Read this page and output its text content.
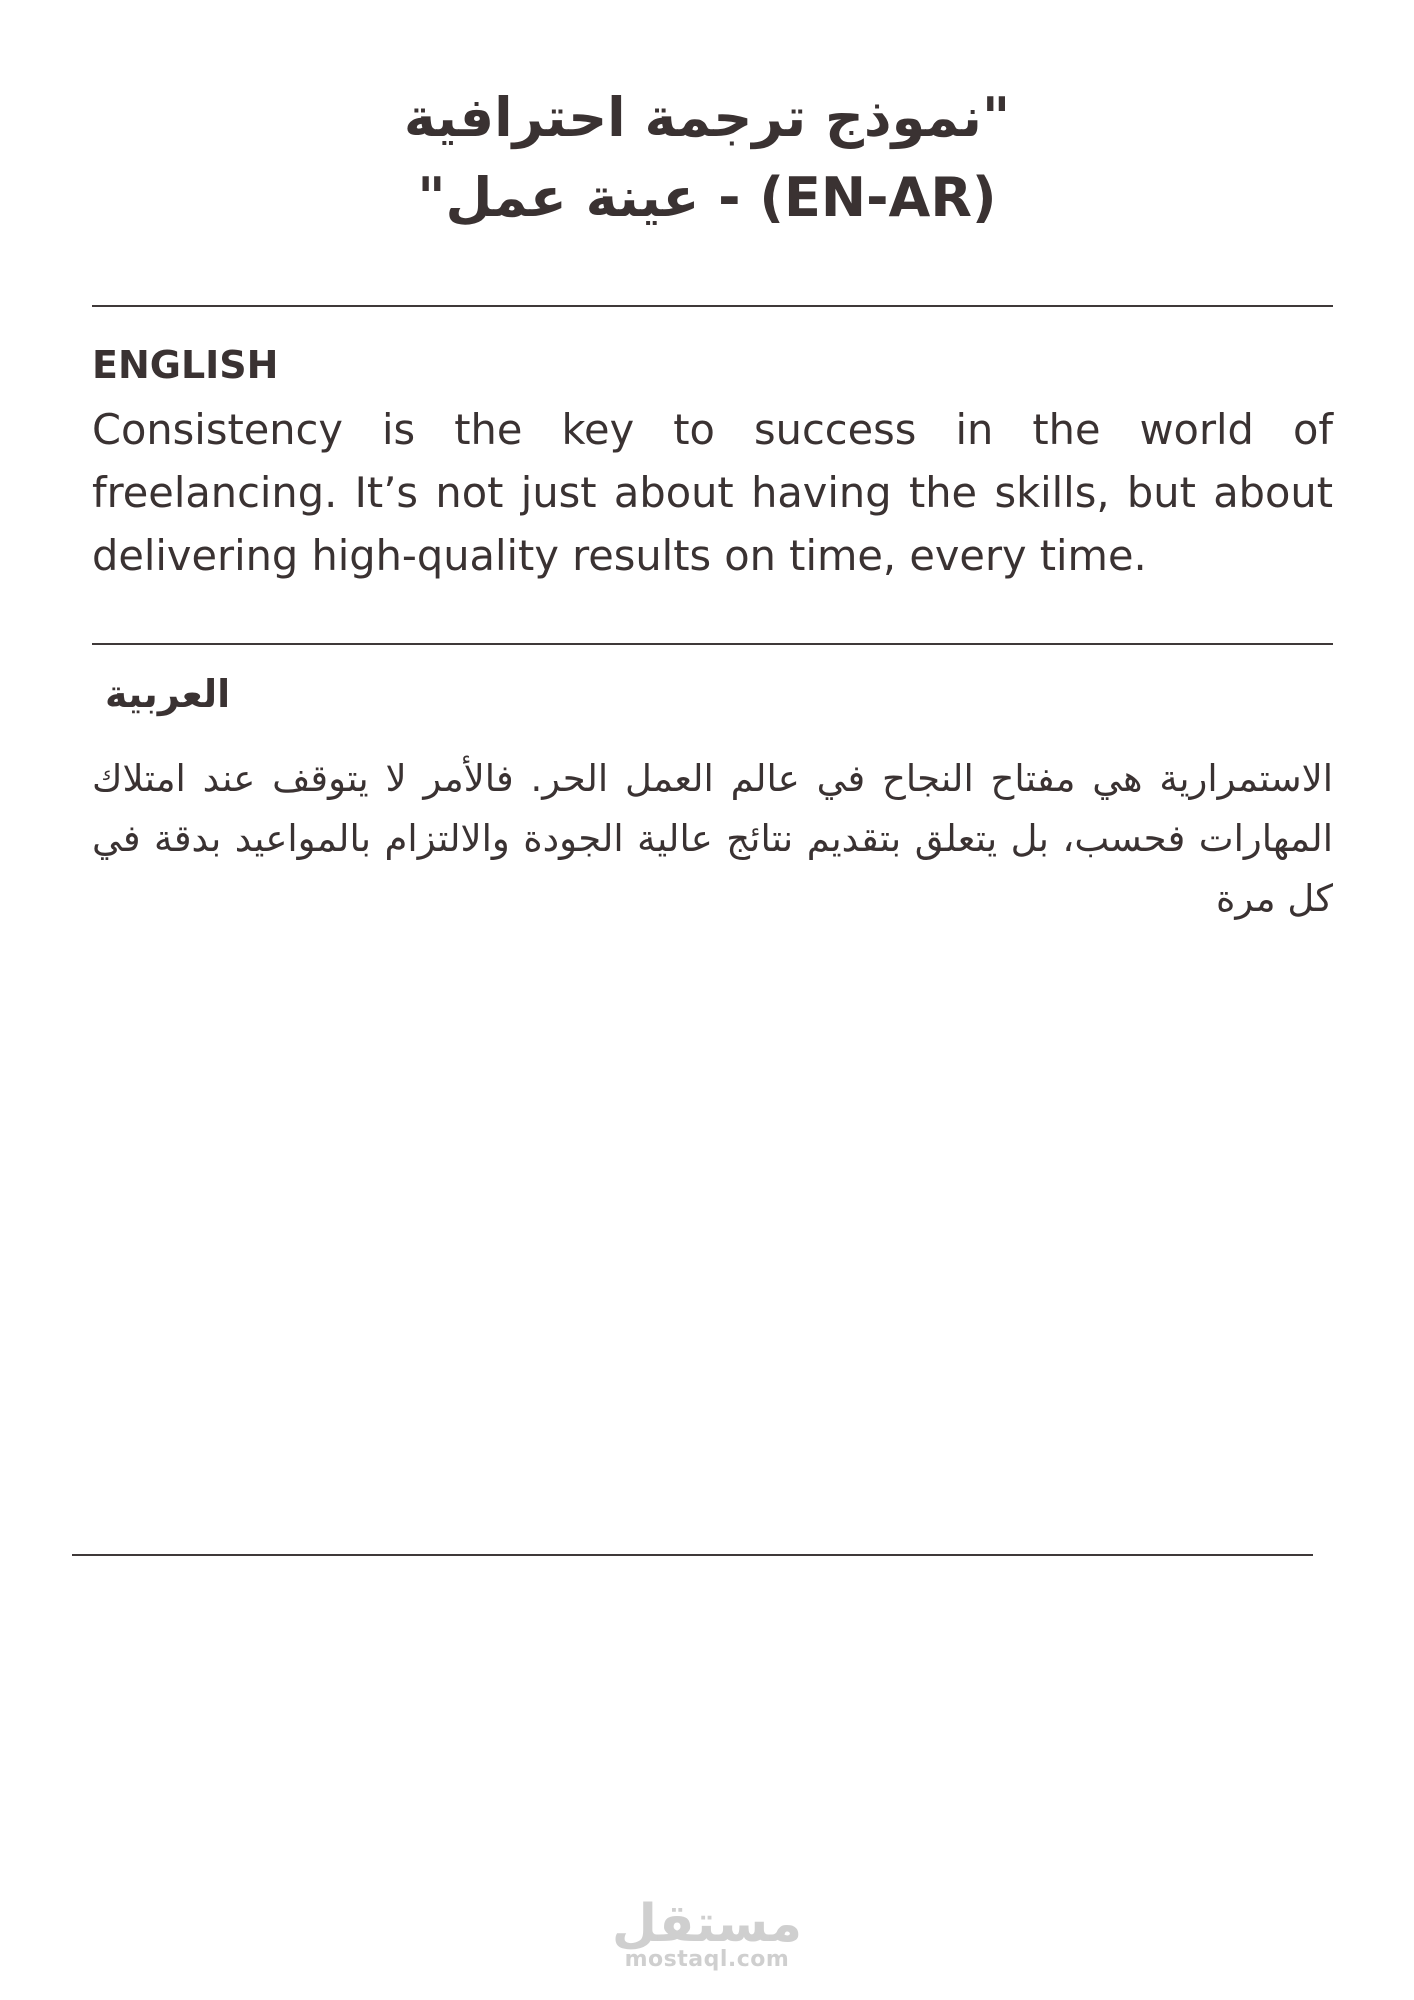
"نموذج ترجمة احترافية
(EN-AR) - عينة عمل"
ENGLISH

Consistency is the key to success in the world of freelancing. It’s not just about having the skills, but about delivering high-quality results on time, every time.

العربية

الاستمرارية هي مفتاح النجاح في عالم العمل الحر. فالأمر لا يتوقف عند امتلاك المهارات فحسب، بل يتعلق بتقديم نتائج عالية الجودة والالتزام بالمواعيد بدقة في كل مرة

مستقل
mostaql.com
